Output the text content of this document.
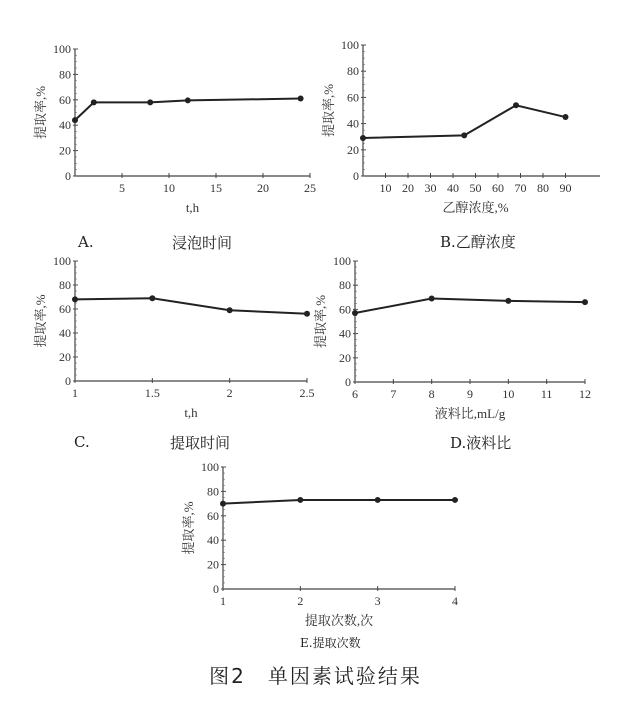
0
20
40
60
80
100
5	10	15	20	25
提取率,%
t,h
0
20
40
60
80
100
10 20 30 40 50 60 70 80 90
提取率,%
乙醇浓度,%
0
20
40
60
80
100
1	1.5	2	2.5
提取率,%
t,h
0
20
40
60
80
100
6	7	8	9 10 11 12
提取率,%
液料比,mL/g
0
20
40
60
80
100
1	2	3	4
提取率,%
提取次数,次
A.	浸泡时间	B.乙醇浓度
C.	提取时间	D.液料比
E.提取次数
图2　单因素试验结果
